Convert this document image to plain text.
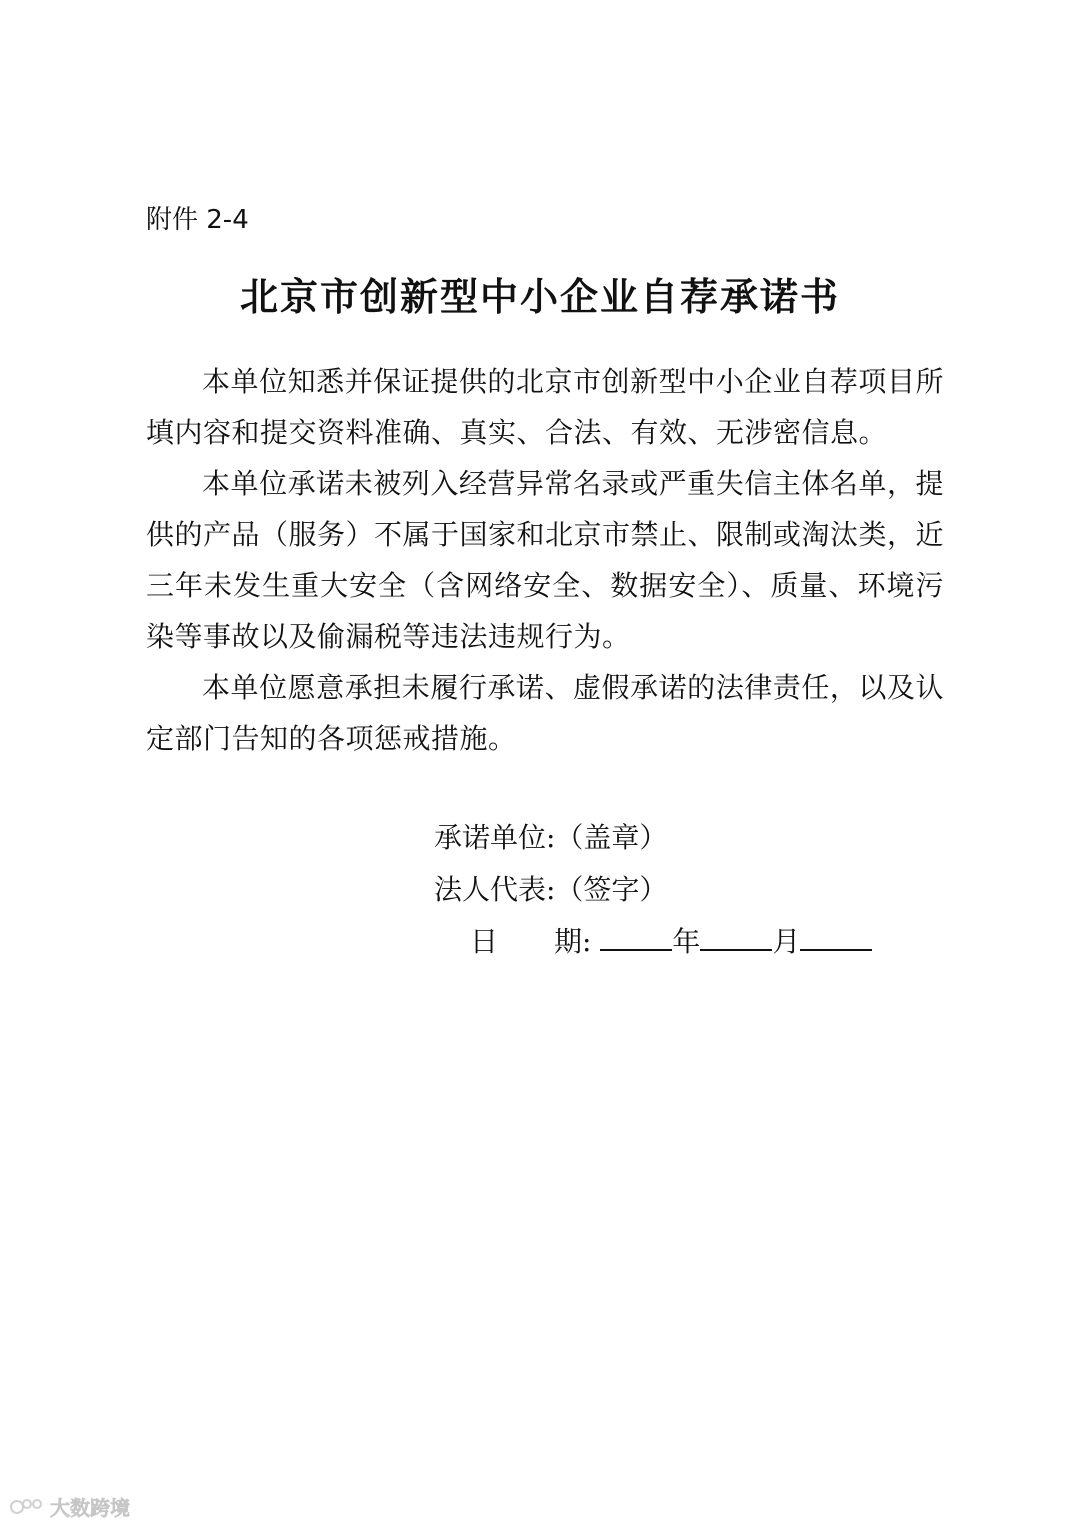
附件 2-4
北京市创新型中小企业自荐承诺书

本单位知悉并保证提供的北京市创新型中小企业自荐项目所填内容和提交资料准确、真实、合法、有效、无涉密信息。

本单位承诺未被列入经营异常名录或严重失信主体名单，提供的产品（服务）不属于国家和北京市禁止、限制或淘汰类，近三年未发生重大安全（含网络安全、数据安全）、质量、环境污染等事故以及偷漏税等违法违规行为。

本单位愿意承担未履行承诺、虚假承诺的法律责任，以及认定部门告知的各项惩戒措施。

承诺单位:（盖章）
法人代表:（签字）
日 期:	年	月
大数跨境
